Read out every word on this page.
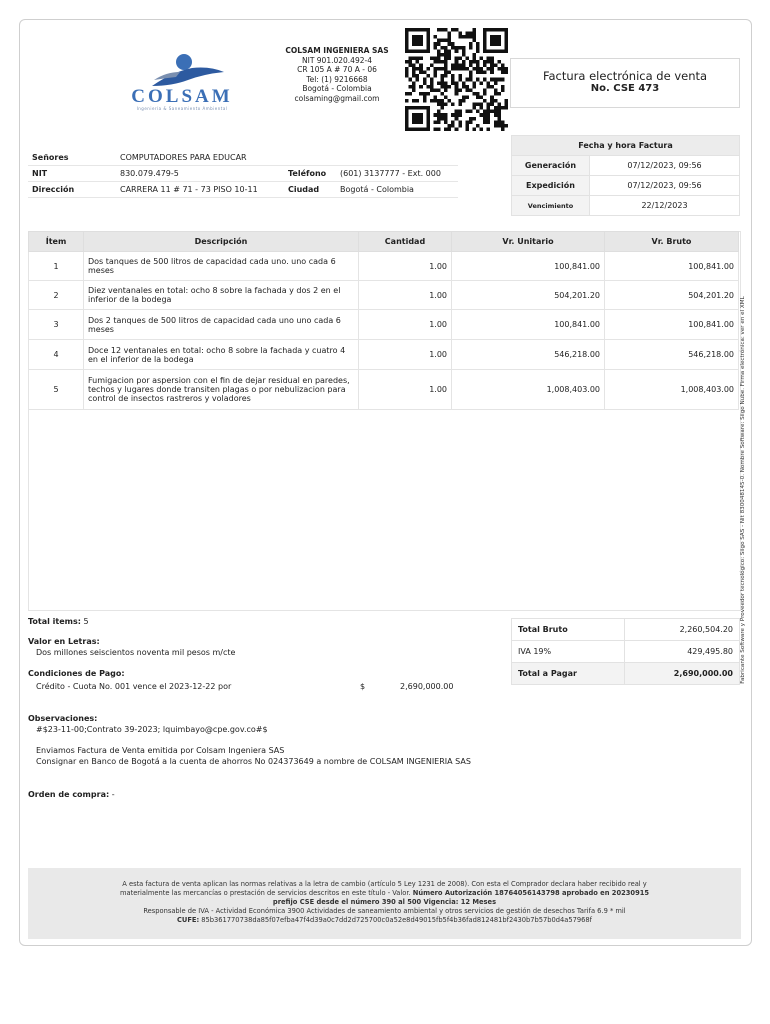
COLSAM
Ingeniería & Saneamiento Ambiental
COLSAM INGENIERA SAS
NIT 901.020.492-4
CR 105 A # 70 A - 06
Tel: (1) 9216668
Bogotá - Colombia
colsaming@gmail.com
Factura electrónica de venta
No. CSE 473
Señores	COMPUTADORES PARA EDUCAR		
NIT	830.079.479-5	Teléfono	(601) 3137777 - Ext. 000
Dirección	CARRERA 11 # 71 - 73 PISO 10-11	Ciudad	Bogotá - Colombia
Fecha y hora Factura	
Generación	07/12/2023, 09:56
Expedición	07/12/2023, 09:56
Vencimiento	22/12/2023
Ítem	Descripción	Cantidad	Vr. Unitario	Vr. Bruto
1	Dos tanques de 500 litros de capacidad cada uno. uno cada 6 meses	1.00	100,841.00	100,841.00
2	Diez ventanales en total: ocho 8 sobre la fachada y dos 2 en el inferior de la bodega	1.00	504,201.20	504,201.20
3	Dos 2 tanques de 500 litros de capacidad cada uno uno cada 6 meses	1.00	100,841.00	100,841.00
4	Doce 12 ventanales en total: ocho 8 sobre la fachada y cuatro 4 en el inferior de la bodega	1.00	546,218.00	546,218.00
5	Fumigacion por aspersion con el fin de dejar residual en paredes, techos y lugares donde transiten plagas o por nebulizacion para control de insectos rastreros y voladores	1.00	1,008,403.00	1,008,403.00
Total items: 5
Valor en Letras:
Dos millones seiscientos noventa mil pesos m/cte
Condiciones de Pago:
Crédito - Cuota No. 001 vence el 2023-12-22 por	$	2,690,000.00
Observaciones:
#$23-11-00;Contrato 39-2023; lquimbayo@cpe.gov.co#$
Enviamos Factura de Venta emitida por Colsam Ingeniera SAS
Consignar en Banco de Bogotá a la cuenta de ahorros No 024373649 a nombre de COLSAM INGENIERIA SAS
Orden de compra: -
Total Bruto	2,260,504.20
IVA 19%	429,495.80
Total a Pagar	2,690,000.00
A esta factura de venta aplican las normas relativas a la letra de cambio (artículo 5 Ley 1231 de 2008). Con esta el Comprador declara haber recibido real y
materialmente las mercancías o prestación de servicios descritos en este título - Valor. Número Autorización 18764056143798 aprobado en 20230915
prefijo CSE desde el número 390 al 500 Vigencia: 12 Meses
Responsable de IVA - Actividad Económica 3900 Actividades de saneamiento ambiental y otros servicios de gestión de desechos Tarifa 6.9 * mil
CUFE: 85b361770738da85f07efba47f4d39a0c7dd2d725700c0a52e8d49015fb5f4b36fad812481bf2430b7b57b0d4a57968f
Fabricante Software y Proveedor tecnológico: Siigo SAS - Nit 830048145-0. Nombre Software: Siigo Nube. Firma electrónica: ver en el XML
